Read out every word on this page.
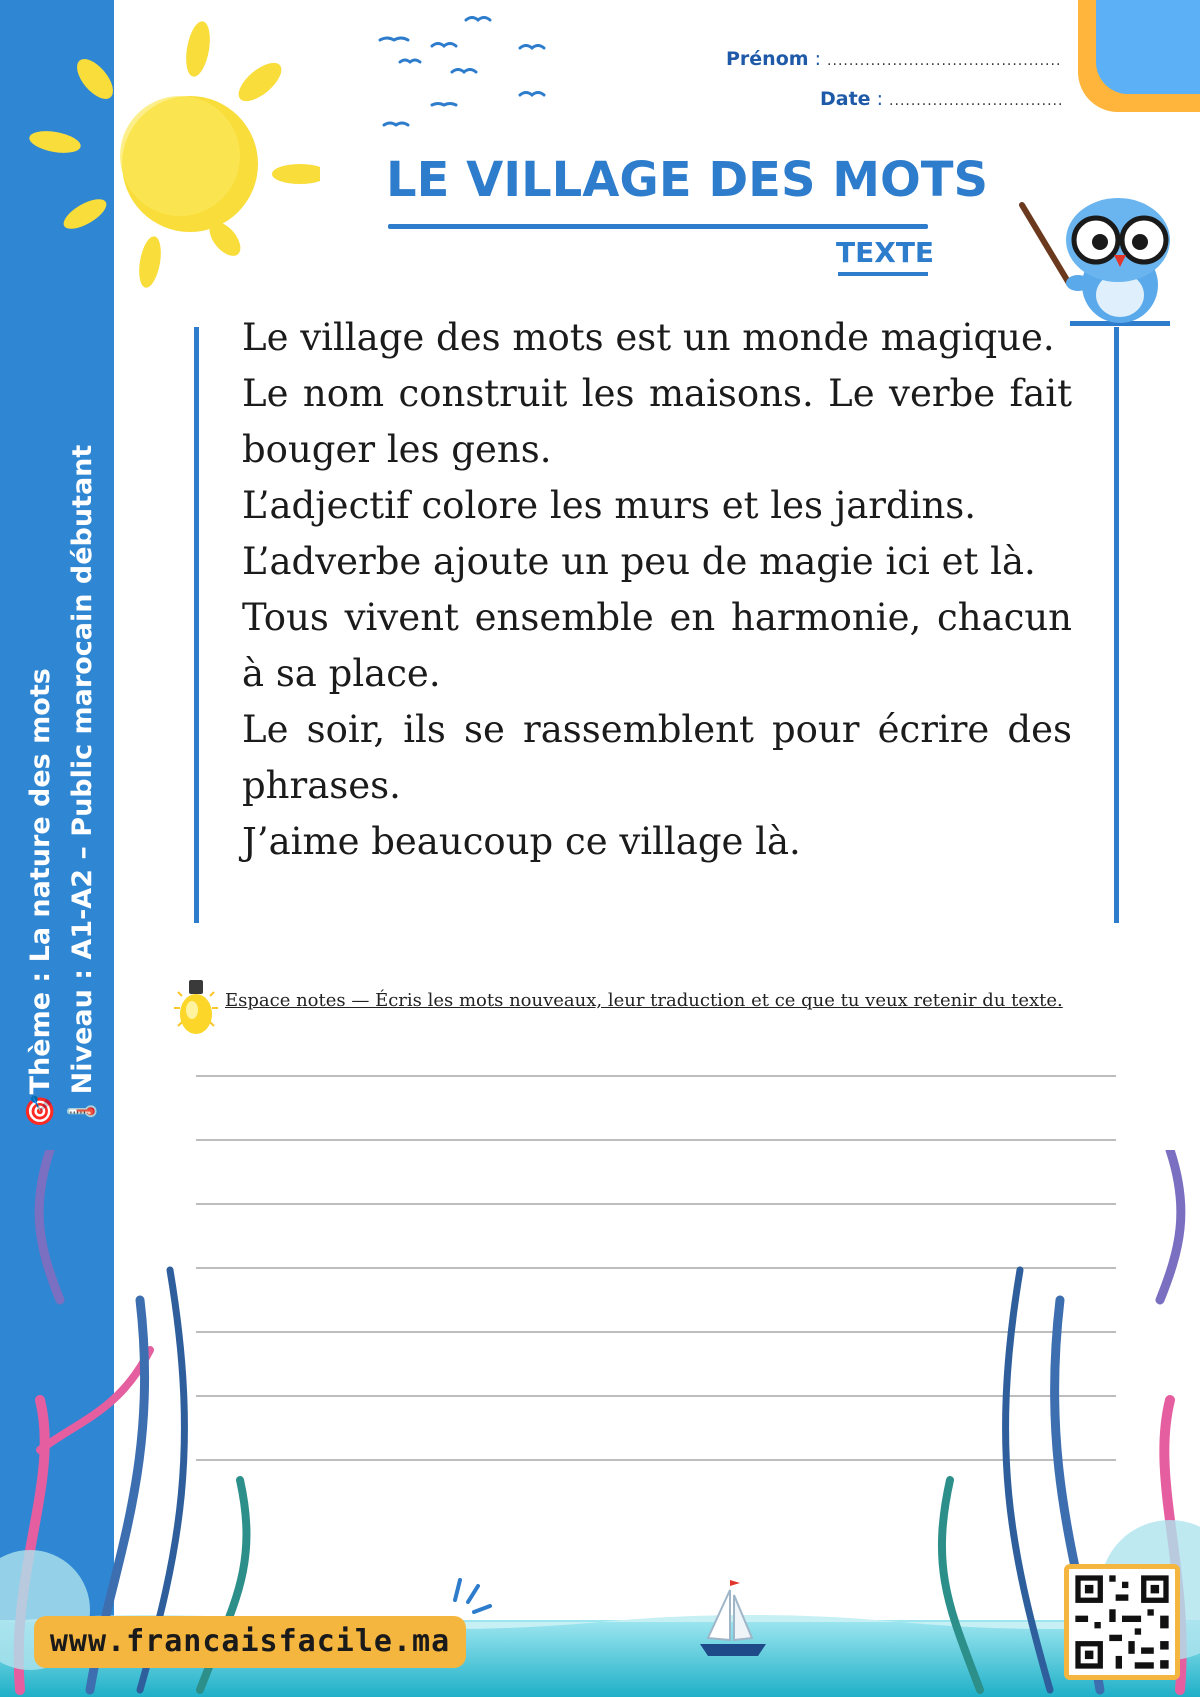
🎯Thème : La nature des mots 🌡️Niveau : A1-A2 – Public marocain débutant
Prénom : ...........................................
Date : ................................
LE VILLAGE DES MOTS
TEXTE

Le village des mots est un monde magique.

Le nom construit les maisons. Le verbe fait bouger les gens.

L’adjectif colore les murs et les jardins.

L’adverbe ajoute un peu de magie ici et là.

Tous vivent ensemble en harmonie, chacun à sa place.

Le soir, ils se rassemblent pour écrire des phrases.

J’aime beaucoup ce village là.

Espace notes — Écris les mots nouveaux, leur traduction et ce que tu veux retenir du texte.
www.francaisfacile.ma
